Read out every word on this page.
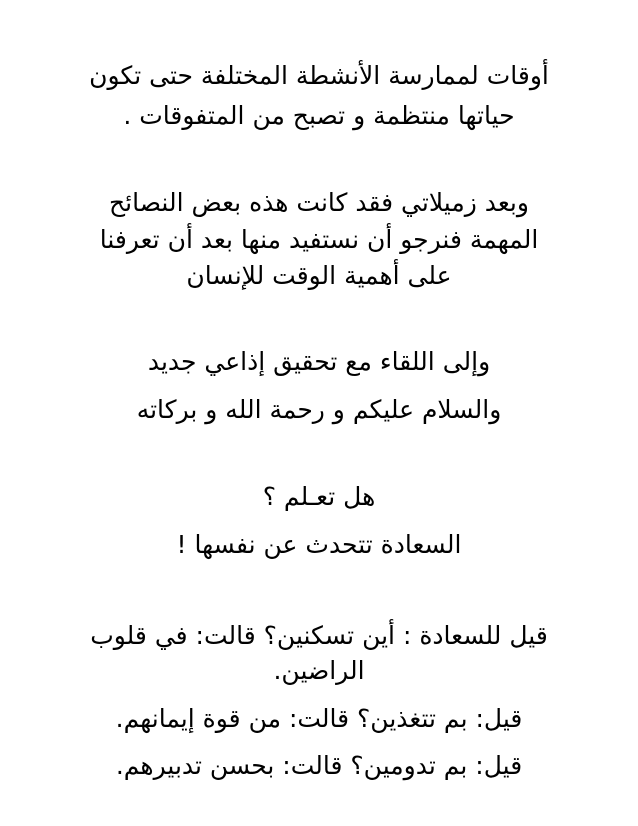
أوقات لممارسة الأنشطة المختلفة حتى تكون
حياتها منتظمة و تصبح من المتفوقات .
وبعد زميلاتي فقد كانت هذه بعض النصائح
المهمة فنرجو أن نستفيد منها بعد أن تعرفنا
على أهمية الوقت للإنسان
وإلى اللقاء مع تحقيق إذاعي جديد
والسلام عليكم و رحمة الله و بركاته
هل تعـلم ؟
السعادة تتحدث عن نفسها !
قيل للسعادة : أين تسكنين؟ قالت: في قلوب
الراضين.
قيل: بم تتغذين؟ قالت: من قوة إيمانهم.
قيل: بم تدومين؟ قالت: بحسن تدبيرهم.
